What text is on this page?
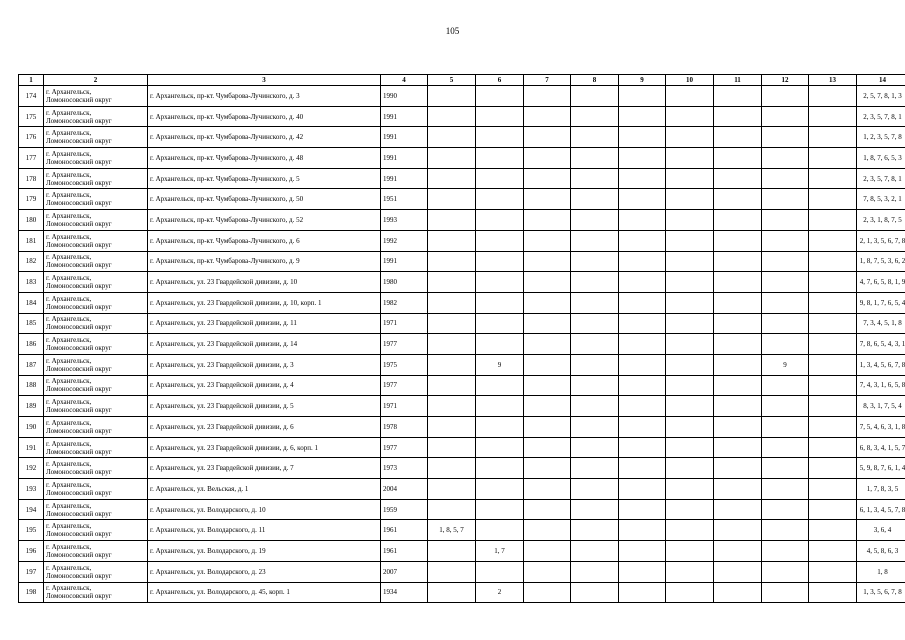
105
1	2	3	4	5	6	7	8	9	10	11	12	13	14
174	г. Архангельск,
Ломоносовский округ	г. Архангельск, пр-кт. Чумбарова-Лучинского, д. 3	1990										2, 5, 7, 8, 1, 3
175	г. Архангельск,
Ломоносовский округ	г. Архангельск, пр-кт. Чумбарова-Лучинского, д. 40	1991										2, 3, 5, 7, 8, 1
176	г. Архангельск,
Ломоносовский округ	г. Архангельск, пр-кт. Чумбарова-Лучинского, д. 42	1991										1, 2, 3, 5, 7, 8
177	г. Архангельск,
Ломоносовский округ	г. Архангельск, пр-кт. Чумбарова-Лучинского, д. 48	1991										1, 8, 7, 6, 5, 3
178	г. Архангельск,
Ломоносовский округ	г. Архангельск, пр-кт. Чумбарова-Лучинского, д. 5	1991										2, 3, 5, 7, 8, 1
179	г. Архангельск,
Ломоносовский округ	г. Архангельск, пр-кт. Чумбарова-Лучинского, д. 50	1951										7, 8, 5, 3, 2, 1
180	г. Архангельск,
Ломоносовский округ	г. Архангельск, пр-кт. Чумбарова-Лучинского, д. 52	1993										2, 3, 1, 8, 7, 5
181	г. Архангельск,
Ломоносовский округ	г. Архангельск, пр-кт. Чумбарова-Лучинского, д. 6	1992										2, 1, 3, 5, 6, 7, 8
182	г. Архангельск,
Ломоносовский округ	г. Архангельск, пр-кт. Чумбарова-Лучинского, д. 9	1991										1, 8, 7, 5, 3, 6, 2
183	г. Архангельск,
Ломоносовский округ	г. Архангельск, ул. 23 Гвардейской дивизии, д. 10	1980										4, 7, 6, 5, 8, 1, 9
184	г. Архангельск,
Ломоносовский округ	г. Архангельск, ул. 23 Гвардейской дивизии, д. 10, корп. 1	1982										9, 8, 1, 7, 6, 5, 4
185	г. Архангельск,
Ломоносовский округ	г. Архангельск, ул. 23 Гвардейской дивизии, д. 11	1971										7, 3, 4, 5, 1, 8
186	г. Архангельск,
Ломоносовский округ	г. Архангельск, ул. 23 Гвардейской дивизии, д. 14	1977										7, 8, 6, 5, 4, 3, 1
187	г. Архангельск,
Ломоносовский округ	г. Архангельск, ул. 23 Гвардейской дивизии, д. 3	1975		9						9		1, 3, 4, 5, 6, 7, 8
188	г. Архангельск,
Ломоносовский округ	г. Архангельск, ул. 23 Гвардейской дивизии, д. 4	1977										7, 4, 3, 1, 6, 5, 8
189	г. Архангельск,
Ломоносовский округ	г. Архангельск, ул. 23 Гвардейской дивизии, д. 5	1971										8, 3, 1, 7, 5, 4
190	г. Архангельск,
Ломоносовский округ	г. Архангельск, ул. 23 Гвардейской дивизии, д. 6	1978										7, 5, 4, 6, 3, 1, 8
191	г. Архангельск,
Ломоносовский округ	г. Архангельск, ул. 23 Гвардейской дивизии, д. 6, корп. 1	1977										6, 8, 3, 4, 1, 5, 7
192	г. Архангельск,
Ломоносовский округ	г. Архангельск, ул. 23 Гвардейской дивизии, д. 7	1973										5, 9, 8, 7, 6, 1, 4
193	г. Архангельск,
Ломоносовский округ	г. Архангельск, ул. Вельская, д. 1	2004										1, 7, 8, 3, 5
194	г. Архангельск,
Ломоносовский округ	г. Архангельск, ул. Володарского, д. 10	1959										6, 1, 3, 4, 5, 7, 8
195	г. Архангельск,
Ломоносовский округ	г. Архангельск, ул. Володарского, д. 11	1961	1, 8, 5, 7									3, 6, 4
196	г. Архангельск,
Ломоносовский округ	г. Архангельск, ул. Володарского, д. 19	1961		1, 7								4, 5, 8, 6, 3
197	г. Архангельск,
Ломоносовский округ	г. Архангельск, ул. Володарского, д. 23	2007										1, 8
198	г. Архангельск,
Ломоносовский округ	г. Архангельск, ул. Володарского, д. 45, корп. 1	1934		2								1, 3, 5, 6, 7, 8
